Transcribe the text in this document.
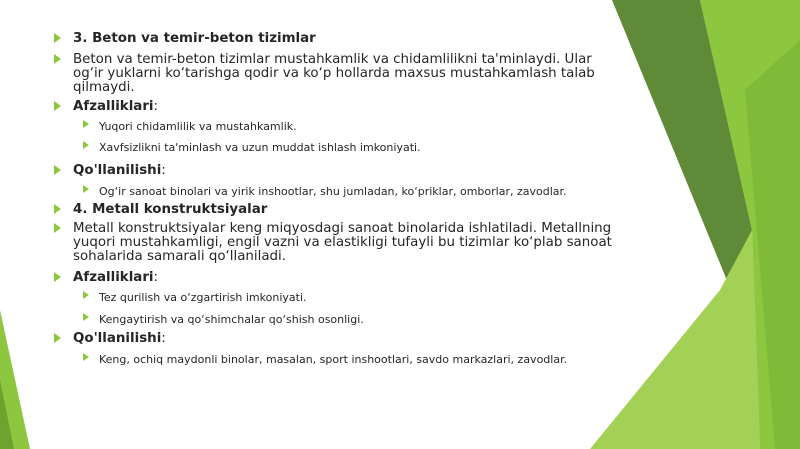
3. Beton va temir-beton tizimlar
Beton va temir-beton tizimlar mustahkamlik va chidamlilikni ta'minlaydi. Ular og‘ir yuklarni ko‘tarishga qodir va ko‘p hollarda maxsus mustahkamlash talab qilmaydi.
Afzalliklari:
Yuqori chidamlilik va mustahkamlik.
Xavfsizlikni ta'minlash va uzun muddat ishlash imkoniyati.
Qo'llanilishi:
Og‘ir sanoat binolari va yirik inshootlar, shu jumladan, ko‘priklar, omborlar, zavodlar.
4. Metall konstruktsiyalar
Metall konstruktsiyalar keng miqyosdagi sanoat binolarida ishlatiladi. Metallning yuqori mustahkamligi, engil vazni va elastikligi tufayli bu tizimlar ko‘plab sanoat sohalarida samarali qo‘llaniladi.
Afzalliklari:
Tez qurilish va o‘zgartirish imkoniyati.
Kengaytirish va qo‘shimchalar qo‘shish osonligi.
Qo'llanilishi:
Keng, ochiq maydonli binolar, masalan, sport inshootlari, savdo markazlari, zavodlar.
